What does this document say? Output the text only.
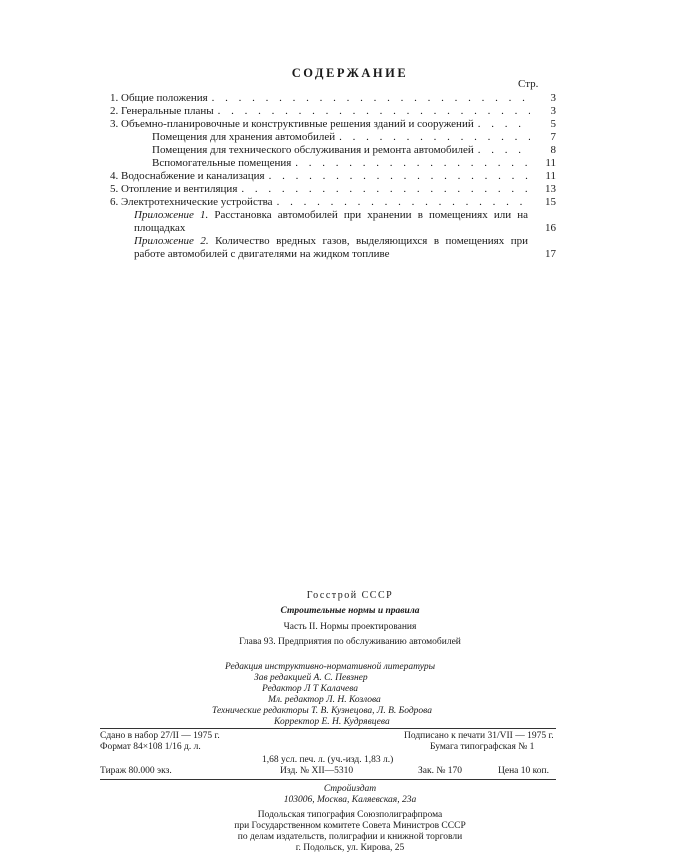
СОДЕРЖАНИЕ
Стр.
1. Общие положения . . .	3
2. Генеральные планы . . .	3
3. Объемно-планировочные и конструктивные решения зданий и сооружений . . .	5
Помещения для хранения автомобилей . . .	7
Помещения для технического обслуживания и ремонта автомобилей . . .	8
Вспомогательные помещения . . .	11
4. Водоснабжение и канализация . . .	11
5. Отопление и вентиляция . . .	13
6. Электротехнические устройства . . .	15
Приложение 1. Расстановка автомобилей при хранении в помещениях или на площадках	16
Приложение 2. Количество вредных газов, выделяющихся в помещениях при работе автомобилей с двигателями на жидком топливе	17
Госстрой СССР
Строительные нормы и правила
Часть II. Нормы проектирования
Глава 93. Предприятия по обслуживанию автомобилей
Редакция инструктивно-нормативной литературы
Зав редакцией А. С. Певзнер
Редактор Л Т Калачева
Мл. редактор Л. Н. Козлова
Технические редакторы Т. В. Кузнецова, Л. В. Бодрова
Корректор Е. Н. Кудрявцева
Сдано в набор 27/II — 1975 г.	Подписано к печати 31/VII — 1975 г.
Формат 84×108 1/16 д. л.	Бумага типографская № 1
1,68 усл. печ. л. (уч.-изд. 1,83 л.)
Тираж 80.000 экз.	Изд. № XII—5310	Зак. № 170	Цена 10 коп.
Стройиздат
103006, Москва, Каляевская, 23а
Подольская типография Союзполиграфпрома
при Государственном комитете Совета Министров СССР
по делам издательств, полиграфии и книжной торговли
г. Подольск, ул. Кирова, 25
